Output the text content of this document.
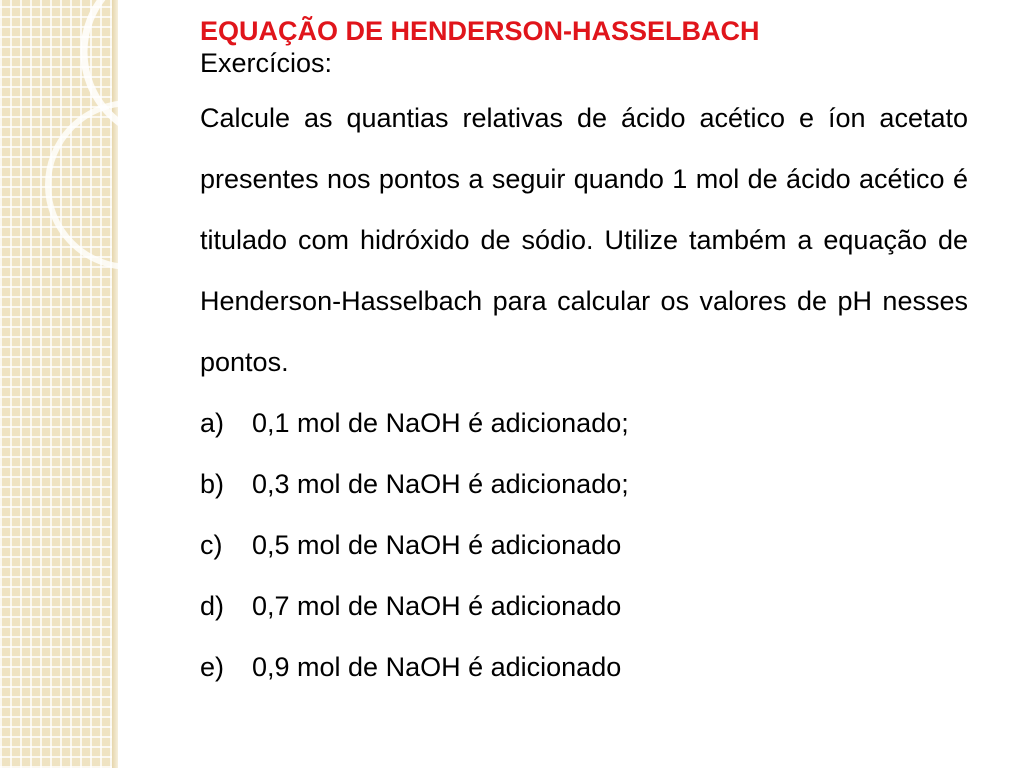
EQUAÇÃO DE HENDERSON-HASSELBACH

Exercícios:

Calcule as quantias relativas de ácido acético e íon acetato presentes nos pontos a seguir quando 1 mol de ácido acético é titulado com hidróxido de sódio. Utilize também a equação de Henderson-Hasselbach para calcular os valores de pH nesses pontos.

a)	0,1 mol de NaOH é adicionado;
b)	0,3 mol de NaOH é adicionado;
c)	0,5 mol de NaOH é adicionado
d)	0,7 mol de NaOH é adicionado
e)	0,9 mol de NaOH é adicionado
